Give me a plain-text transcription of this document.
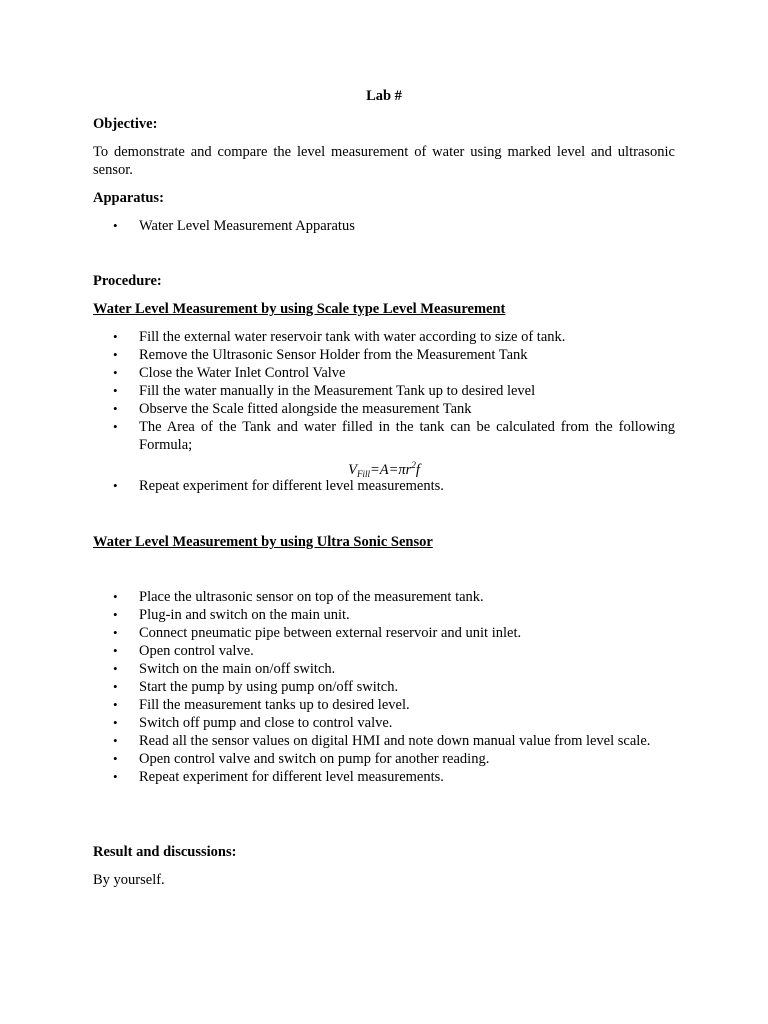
Lab #
Objective:
To demonstrate and compare the level measurement of water using marked level and ultrasonic sensor.
Apparatus:
• Water Level Measurement Apparatus
Procedure:
Water Level Measurement by using Scale type Level Measurement
• Fill the external water reservoir tank with water according to size of tank.
• Remove the Ultrasonic Sensor Holder from the Measurement Tank
• Close the Water Inlet Control Valve
• Fill the water manually in the Measurement Tank up to desired level
• Observe the Scale fitted alongside the measurement Tank
• The Area of the Tank and water filled in the tank can be calculated from the following Formula;
$V_{Fill}=A=\pi r^2f$
• Repeat experiment for different level measurements.
Water Level Measurement by using Ultra Sonic Sensor
• Place the ultrasonic sensor on top of the measurement tank.
• Plug-in and switch on the main unit.
• Connect pneumatic pipe between external reservoir and unit inlet.
• Open control valve.
• Switch on the main on/off switch.
• Start the pump by using pump on/off switch.
• Fill the measurement tanks up to desired level.
• Switch off pump and close to control valve.
• Read all the sensor values on digital HMI and note down manual value from level scale.
• Open control valve and switch on pump for another reading.
• Repeat experiment for different level measurements.
Result and discussions:
By yourself.
